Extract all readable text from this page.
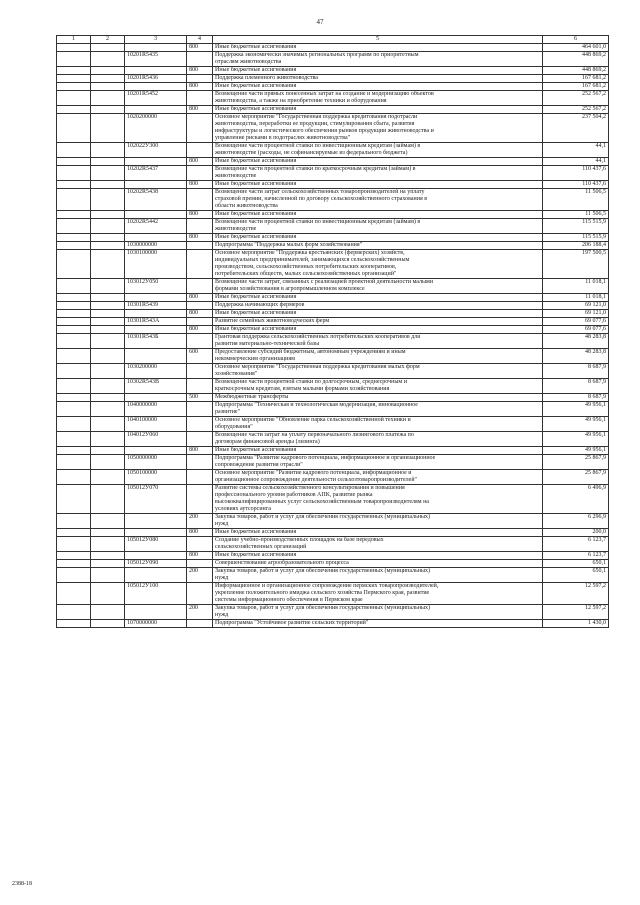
47
1	2	3	4	5	6
			800	Иные бюджетные ассигнования	464 601,0
		10201R5435		Поддержка экономически значимых региональных программ по приоритетным
отраслям животноводства	448 869,2
			800	Иные бюджетные ассигнования	448 869,2
		10201R5436		Поддержка племенного животноводства	167 681,2
			800	Иные бюджетные ассигнования	167 681,2
		10201R5452		Возмещение части прямых понесенных затрат на создание и модернизацию объектов
животноводства, а также на приобретение техники и оборудования	252 567,2
			800	Иные бюджетные ассигнования	252 567,2
		1020200000		Основное мероприятие "Государственная поддержка кредитования подотрасли
животноводства, переработки ее продукции, стимулирования сбыта, развития
инфраструктуры и логистического обеспечения рынков продукции животноводства и
управление рисками в подотраслях животноводства"	237 504,2
		102022У300		Возмещение части процентной ставки по инвестиционным кредитам (займам) в
животноводстве (расходы, не софинансируемые из федерального бюджета)	44,1
			800	Иные бюджетные ассигнования	44,1
		10202R5437		Возмещение части процентной ставки по краткосрочным кредитам (займам) в
животноводстве	110 437,6
			800	Иные бюджетные ассигнования	110 437,6
		10202R5438		Возмещение части затрат сельскохозяйственных товаропроизводителей на уплату
страховой премии, начисленной по договору сельскохозяйственного страхования в
области животноводства	11 506,5
			800	Иные бюджетные ассигнования	11 506,5
		10202R5442		Возмещение части процентной ставки по инвестиционным кредитам (займам) в
животноводстве	115 515,9
			800	Иные бюджетные ассигнования	115 515,9
		1030000000		Подпрограмма "Поддержка малых форм хозяйствования"	206 188,4
		1030100000		Основное мероприятие "Поддержка крестьянских (фермерских) хозяйств,
индивидуальных предпринимателей, занимающихся сельскохозяйственным
производством, сельскохозяйственных потребительских кооперативов,
потребительских обществ, малых сельскохозяйственных организаций"	197 500,5
		103012У050		Возмещение части затрат, связанных с реализацией проектной деятельности малыми
формами хозяйствования в агропромышленном комплексе	11 018,1
			800	Иные бюджетные ассигнования	11 018,1
		10301R5439		Поддержка начинающих фермеров	69 121,0
			800	Иные бюджетные ассигнования	69 121,0
		10301R543А		Развитие семейных животноводческих ферм	69 077,6
			800	Иные бюджетные ассигнования	69 077,6
		10301R543Б		Грантовая поддержка сельскохозяйственных потребительских кооперативов для
развития материально-технической базы	48 283,8
			600	Предоставление субсидий бюджетным, автономным учреждениям и иным
некоммерческим организациям	48 283,8
		1030200000		Основное мероприятие "Государственная поддержка кредитования малых форм
хозяйствования"	8 687,9
		10302R543В		Возмещение части процентной ставки по долгосрочным, среднесрочным и
краткосрочным кредитам, взятым малыми формами хозяйствования	8 687,9
			500	Межбюджетные трансферты	8 687,9
		1040000000		Подпрограмма "Техническая и технологическая модернизация, инновационное
развитие"	49 956,1
		1040100000		Основное мероприятие "Обновление парка сельскохозяйственной техники и
оборудования"	49 956,1
		104012У060		Возмещение части затрат на уплату первоначального лизингового платежа по
договорам финансовой аренды (лизинга)	49 956,1
			800	Иные бюджетные ассигнования	49 956,1
		1050000000		Подпрограмма "Развитие кадрового потенциала, информационное и организационное
сопровождение развития отрасли"	25 867,9
		1050100000		Основное мероприятие "Развитие кадрового потенциала, информационное и
организационное сопровождение деятельности сельхозтоваропроизводителей"	25 867,9
		105012У070		Развитие системы сельскохозяйственного консультирования и повышения
профессионального уровня работников АПК, развитие рынка
высококвалифицированных услуг сельскохозяйственным товаропроизводителям на
условиях аутсорсинга	6 496,9
			200	Закупка товаров, работ и услуг для обеспечения государственных (муниципальных)
нужд	6 296,9
			800	Иные бюджетные ассигнования	200,0
		105012У080		Создание учебно-производственных площадок на базе передовых
сельскохозяйственных организаций	6 123,7
			800	Иные бюджетные ассигнования	6 123,7
		105012У090		Совершенствование агрообразовательного процесса	650,1
			200	Закупка товаров, работ и услуг для обеспечения государственных (муниципальных)
нужд	650,1
		105012У100		Информационное и организационное сопровождение пермских товаропроизводителей,
укрепление положительного имиджа сельского хозяйства Пермского края, развитие
системы информационного обеспечения в Пермском крае	12 597,2
			200	Закупка товаров, работ и услуг для обеспечения государственных (муниципальных)
нужд	12 597,2
		1070000000		Подпрограмма "Устойчивое развитие сельских территорий"	1 430,0
2388-18
